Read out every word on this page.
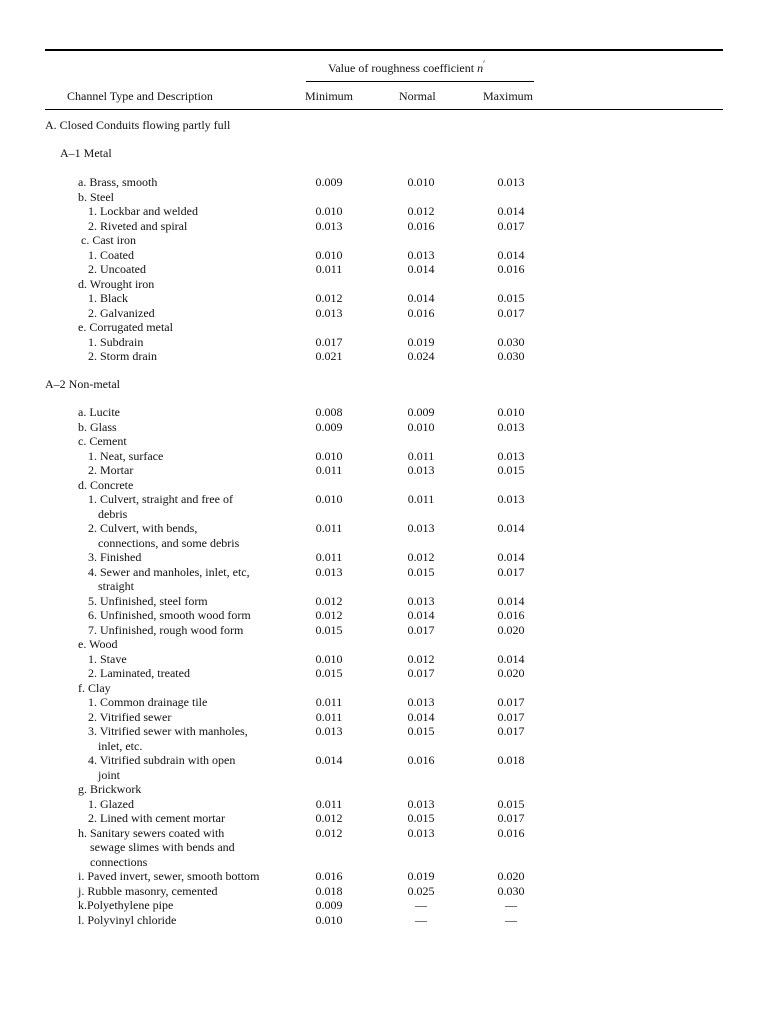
Value of roughness coefficient n′
Channel Type and Description	Minimum	Normal	Maximum
A. Closed Conduits flowing partly full
A–1 Metal
a. Brass, smooth	0.009	0.010	0.013
b. Steel
1. Lockbar and welded	0.010	0.012	0.014
2. Riveted and spiral	0.013	0.016	0.017
c. Cast iron
1. Coated	0.010	0.013	0.014
2. Uncoated	0.011	0.014	0.016
d. Wrought iron
1. Black	0.012	0.014	0.015
2. Galvanized	0.013	0.016	0.017
e. Corrugated metal
1. Subdrain	0.017	0.019	0.030
2. Storm drain	0.021	0.024	0.030
A–2 Non-metal
a. Lucite	0.008	0.009	0.010
b. Glass	0.009	0.010	0.013
c. Cement
1. Neat, surface	0.010	0.011	0.013
2. Mortar	0.011	0.013	0.015
d. Concrete
1. Culvert, straight and free of	0.010	0.011	0.013
debris
2. Culvert, with bends,	0.011	0.013	0.014
connections, and some debris
3. Finished	0.011	0.012	0.014
4. Sewer and manholes, inlet, etc,	0.013	0.015	0.017
straight
5. Unfinished, steel form	0.012	0.013	0.014
6. Unfinished, smooth wood form	0.012	0.014	0.016
7. Unfinished, rough wood form	0.015	0.017	0.020
e. Wood
1. Stave	0.010	0.012	0.014
2. Laminated, treated	0.015	0.017	0.020
f. Clay
1. Common drainage tile	0.011	0.013	0.017
2. Vitrified sewer	0.011	0.014	0.017
3. Vitrified sewer with manholes,	0.013	0.015	0.017
inlet, etc.
4. Vitrified subdrain with open	0.014	0.016	0.018
joint
g. Brickwork
1. Glazed	0.011	0.013	0.015
2. Lined with cement mortar	0.012	0.015	0.017
h. Sanitary sewers coated with	0.012	0.013	0.016
sewage slimes with bends and
connections
i. Paved invert, sewer, smooth bottom	0.016	0.019	0.020
j. Rubble masonry, cemented	0.018	0.025	0.030
k.Polyethylene pipe	0.009	—	—
l. Polyvinyl chloride	0.010	—	—
